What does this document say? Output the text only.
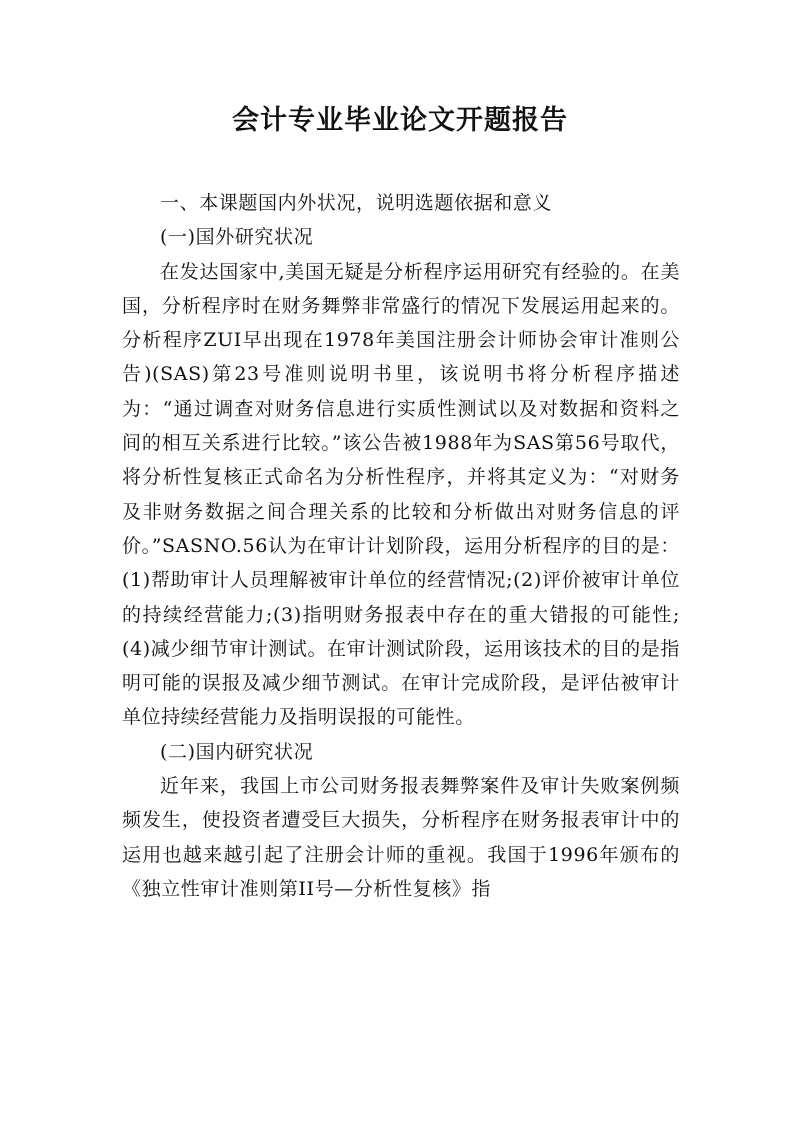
会计专业毕业论文开题报告

一、本课题国内外状况，说明选题依据和意义

(一)国外研究状况

在发达国家中,美国无疑是分析程序运用研究有经验的。在美国，分析程序时在财务舞弊非常盛行的情况下发展运用起来的。分析程序ZUI早出现在1978年美国注册会计师协会审计准则公告)(SAS)第23号准则说明书里，该说明书将分析程序描述为：“通过调查对财务信息进行实质性测试以及对数据和资料之间的相互关系进行比较。”该公告被1988年为SAS第56号取代，将分析性复核正式命名为分析性程序，并将其定义为：“对财务及非财务数据之间合理关系的比较和分析做出对财务信息的评价。”SASNO.56认为在审计计划阶段，运用分析程序的目的是：(1)帮助审计人员理解被审计单位的经营情况;(2)评价被审计单位的持续经营能力;(3)指明财务报表中存在的重大错报的可能性;(4)减少细节审计测试。在审计测试阶段，运用该技术的目的是指明可能的误报及减少细节测试。在审计完成阶段，是评估被审计单位持续经营能力及指明误报的可能性。

(二)国内研究状况

近年来，我国上市公司财务报表舞弊案件及审计失败案例频频发生，使投资者遭受巨大损失，分析程序在财务报表审计中的运用也越来越引起了注册会计师的重视。我国于1996年颁布的《独立性审计准则第II号—分析性复核》指
